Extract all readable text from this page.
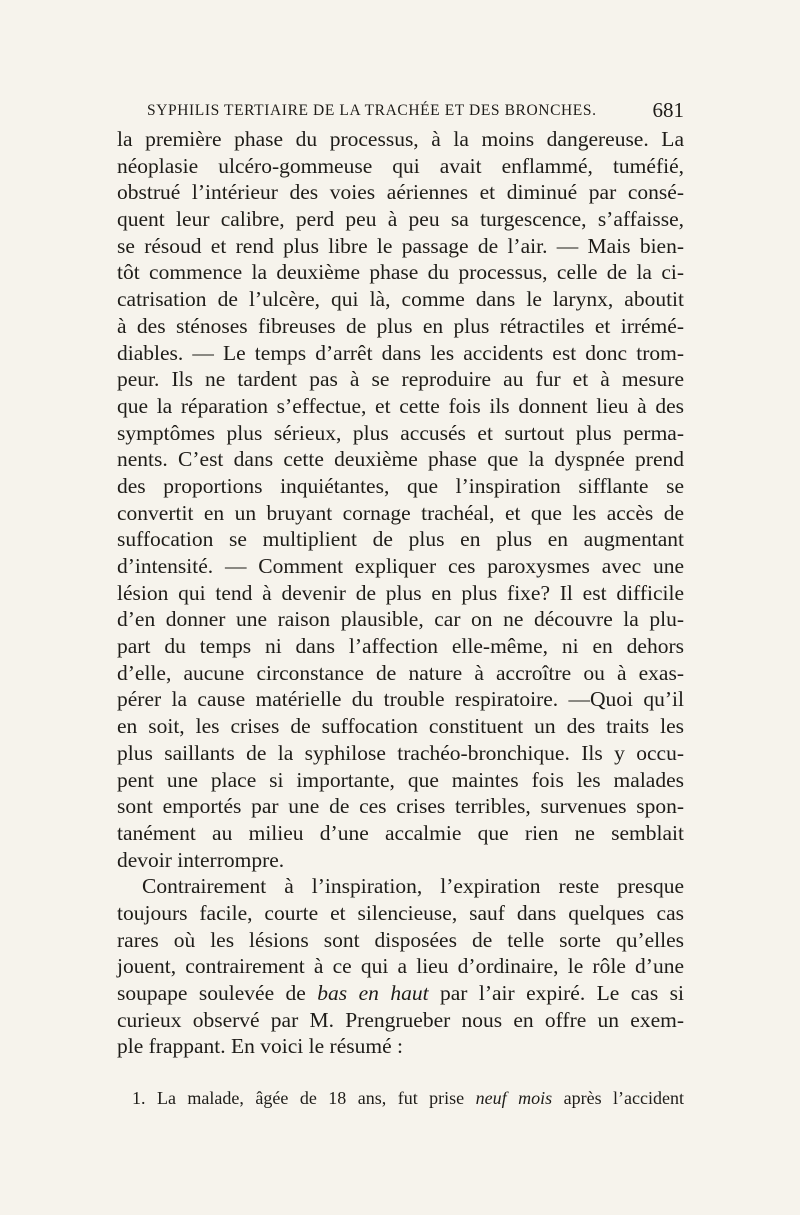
SYPHILIS TERTIAIRE DE LA TRACHÉE ET DES BRONCHES.	681
la première phase du processus, à la moins dangereuse. La
néoplasie ulcéro-gommeuse qui avait enflammé, tuméfié,
obstrué l’intérieur des voies aériennes et diminué par consé-
quent leur calibre, perd peu à peu sa turgescence, s’affaisse,
se résoud et rend plus libre le passage de l’air. — Mais bien-
tôt commence la deuxième phase du processus, celle de la ci-
catrisation de l’ulcère, qui là, comme dans le larynx, aboutit
à des sténoses fibreuses de plus en plus rétractiles et irrémé-
diables. — Le temps d’arrêt dans les accidents est donc trom-
peur. Ils ne tardent pas à se reproduire au fur et à mesure
que la réparation s’effectue, et cette fois ils donnent lieu à des
symptômes plus sérieux, plus accusés et surtout plus perma-
nents. C’est dans cette deuxième phase que la dyspnée prend
des proportions inquiétantes, que l’inspiration sifflante se
convertit en un bruyant cornage trachéal, et que les accès de
suffocation se multiplient de plus en plus en augmentant
d’intensité. — Comment expliquer ces paroxysmes avec une
lésion qui tend à devenir de plus en plus fixe? Il est difficile
d’en donner une raison plausible, car on ne découvre la plu-
part du temps ni dans l’affection elle-même, ni en dehors
d’elle, aucune circonstance de nature à accroître ou à exas-
pérer la cause matérielle du trouble respiratoire. —Quoi qu’il
en soit, les crises de suffocation constituent un des traits les
plus saillants de la syphilose trachéo-bronchique. Ils y occu-
pent une place si importante, que maintes fois les malades
sont emportés par une de ces crises terribles, survenues spon-
tanément au milieu d’une accalmie que rien ne semblait
devoir interrompre.
Contrairement à l’inspiration, l’expiration reste presque
toujours facile, courte et silencieuse, sauf dans quelques cas
rares où les lésions sont disposées de telle sorte qu’elles
jouent, contrairement à ce qui a lieu d’ordinaire, le rôle d’une
soupape soulevée de bas en haut par l’air expiré. Le cas si
curieux observé par M. Prengrueber nous en offre un exem-
ple frappant. En voici le résumé :
1. La malade, âgée de 18 ans, fut prise neuf mois après l’accident
